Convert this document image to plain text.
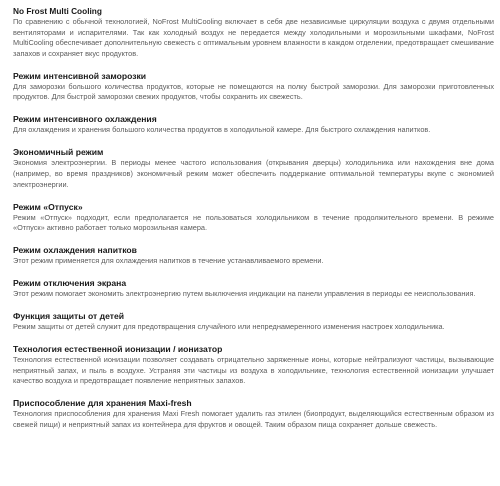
No Frost Multi Cooling

По сравнению с обычной технологией, NoFrost MultiCooling включает в себя две независимые циркуляции воздуха с двумя отдельными вентиляторами и испарителями. Так как холодный воздух не передается между холодильными и морозильными шкафами, NoFrost MultiCooling обеспечивает дополнительную свежесть с оптимальным уровнем влажности в каждом отделении, предотвращает смешивание запахов и сохраняет вкус продуктов.

Режим интенсивной заморозки

Для заморозки большого количества продуктов, которые не помещаются на полку быстрой заморозки. Для заморозки приготовленных продуктов. Для быстрой заморозки свежих продуктов, чтобы сохранить их свежесть.

Режим интенсивного охлаждения

Для охлаждения и хранения большого количества продуктов в холодильной камере. Для быстрого охлаждения напитков.

Экономичный режим

Экономия электроэнергии. В периоды менее частого использования (открывания дверцы) холодильника или нахождения вне дома (например, во время праздников) экономичный режим может обеспечить поддержание оптимальной температуры вкупе с экономией электроэнергии.

Режим «Отпуск»

Режим «Отпуск» подходит, если предполагается не пользоваться холодильником в течение продолжительного времени. В режиме «Отпуск» активно работает только морозильная камера.

Режим охлаждения напитков

Этот режим применяется для охлаждения напитков в течение устанавливаемого времени.

Режим отключения экрана

Этот режим помогает экономить электроэнергию путем выключения индикации на панели управления в периоды ее неиспользования.

Функция защиты от детей

Режим защиты от детей служит для предотвращения случайного или непреднамеренного изменения настроек холодильника.

Технология естественной ионизации / ионизатор

Технология естественной ионизации позволяет создавать отрицательно заряженные ионы, которые нейтрализуют частицы, вызывающие неприятный запах, и пыль в воздухе. Устраняя эти частицы из воздуха в холодильнике, технология естественной ионизации улучшает качество воздуха и предотвращает появление неприятных запахов.

Приспособление для хранения Maxi-fresh

Технология приспособления для хранения Maxi Fresh помогает удалить газ этилен (биопродукт, выделяющийся естественным образом из свежей пищи) и неприятный запах из контейнера для фруктов и овощей. Таким образом пища сохраняет дольше свежесть.
